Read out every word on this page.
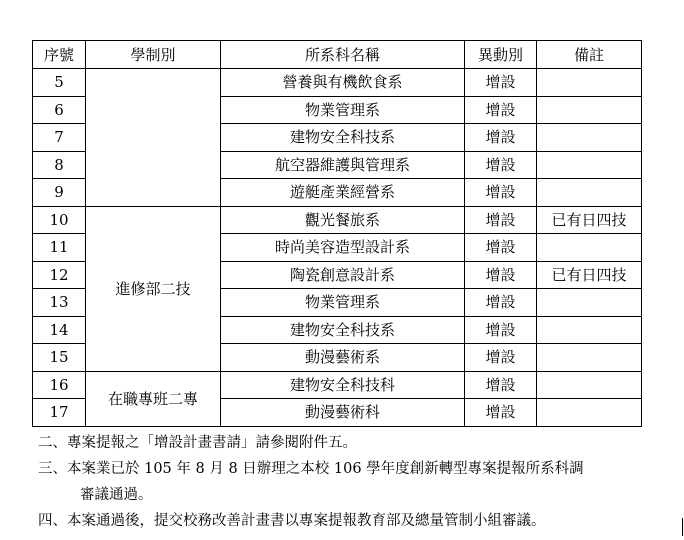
序號	學制別	所系科名稱	異動別	備註
5		營養與有機飲食系	增設	
6		物業管理系	增設	
7		建物安全科技系	增設	
8		航空器維護與管理系	增設	
9		遊艇產業經營系	增設	
10	進修部二技	觀光餐旅系	增設	已有日四技
11		時尚美容造型設計系	增設	
12		陶瓷創意設計系	增設	已有日四技
13		物業管理系	增設	
14		建物安全科技系	增設	
15		動漫藝術系	增設	
16	在職專班二專	建物安全科技科	增設	
17		動漫藝術科	增設	

二、專案提報之「增設計畫書請」請參閱附件五。

三、本案業已於 105 年 8 月 8 日辦理之本校 106 學年度創新轉型專案提報所系科調

審議通過。

四、本案通過後，提交校務改善計畫書以專案提報教育部及總量管制小組審議。
